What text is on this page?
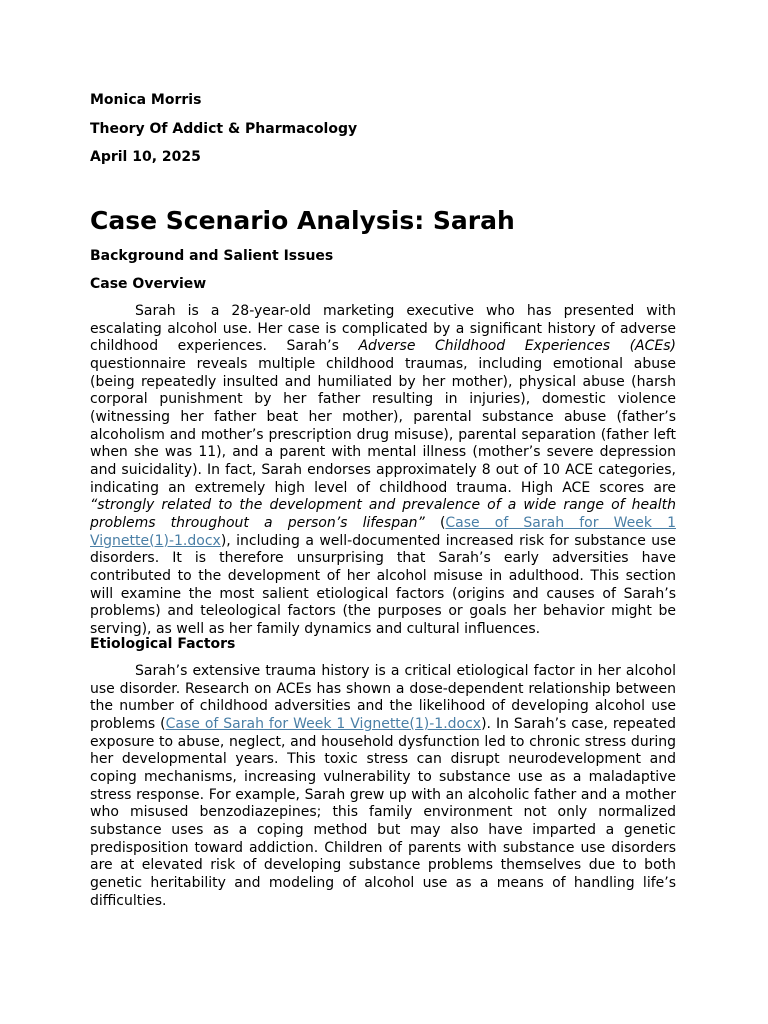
Monica Morris
Theory Of Addict & Pharmacology
April 10, 2025
Case Scenario Analysis: Sarah
Background and Salient Issues
Case Overview

Sarah is a 28-year-old marketing executive who has presented with escalating alcohol use. Her case is complicated by a significant history of adverse childhood experiences. Sarah’s Adverse Childhood Experiences (ACEs) questionnaire reveals multiple childhood traumas, including emotional abuse (being repeatedly insulted and humiliated by her mother), physical abuse (harsh corporal punishment by her father resulting in injuries), domestic violence (witnessing her father beat her mother), parental substance abuse (father’s alcoholism and mother’s prescription drug misuse), parental separation (father left when she was 11), and a parent with mental illness (mother’s severe depression and suicidality). In fact, Sarah endorses approximately 8 out of 10 ACE categories, indicating an extremely high level of childhood trauma. High ACE scores are “strongly related to the development and prevalence of a wide range of health problems throughout a person’s lifespan” (Case of Sarah for Week 1 Vignette(1)-1.docx), including a well-documented increased risk for substance use disorders. It is therefore unsurprising that Sarah’s early adversities have contributed to the development of her alcohol misuse in adulthood. This section will examine the most salient etiological factors (origins and causes of Sarah’s problems) and teleological factors (the purposes or goals her behavior might be serving), as well as her family dynamics and cultural influences.

Etiological Factors

Sarah’s extensive trauma history is a critical etiological factor in her alcohol use disorder. Research on ACEs has shown a dose-dependent relationship between the number of childhood adversities and the likelihood of developing alcohol use problems (Case of Sarah for Week 1 Vignette(1)-1.docx). In Sarah’s case, repeated exposure to abuse, neglect, and household dysfunction led to chronic stress during her developmental years. This toxic stress can disrupt neurodevelopment and coping mechanisms, increasing vulnerability to substance use as a maladaptive stress response. For example, Sarah grew up with an alcoholic father and a mother who misused benzodiazepines; this family environment not only normalized substance uses as a coping method but may also have imparted a genetic predisposition toward addiction. Children of parents with substance use disorders are at elevated risk of developing substance problems themselves due to both genetic heritability and modeling of alcohol use as a means of handling life’s difficulties.
